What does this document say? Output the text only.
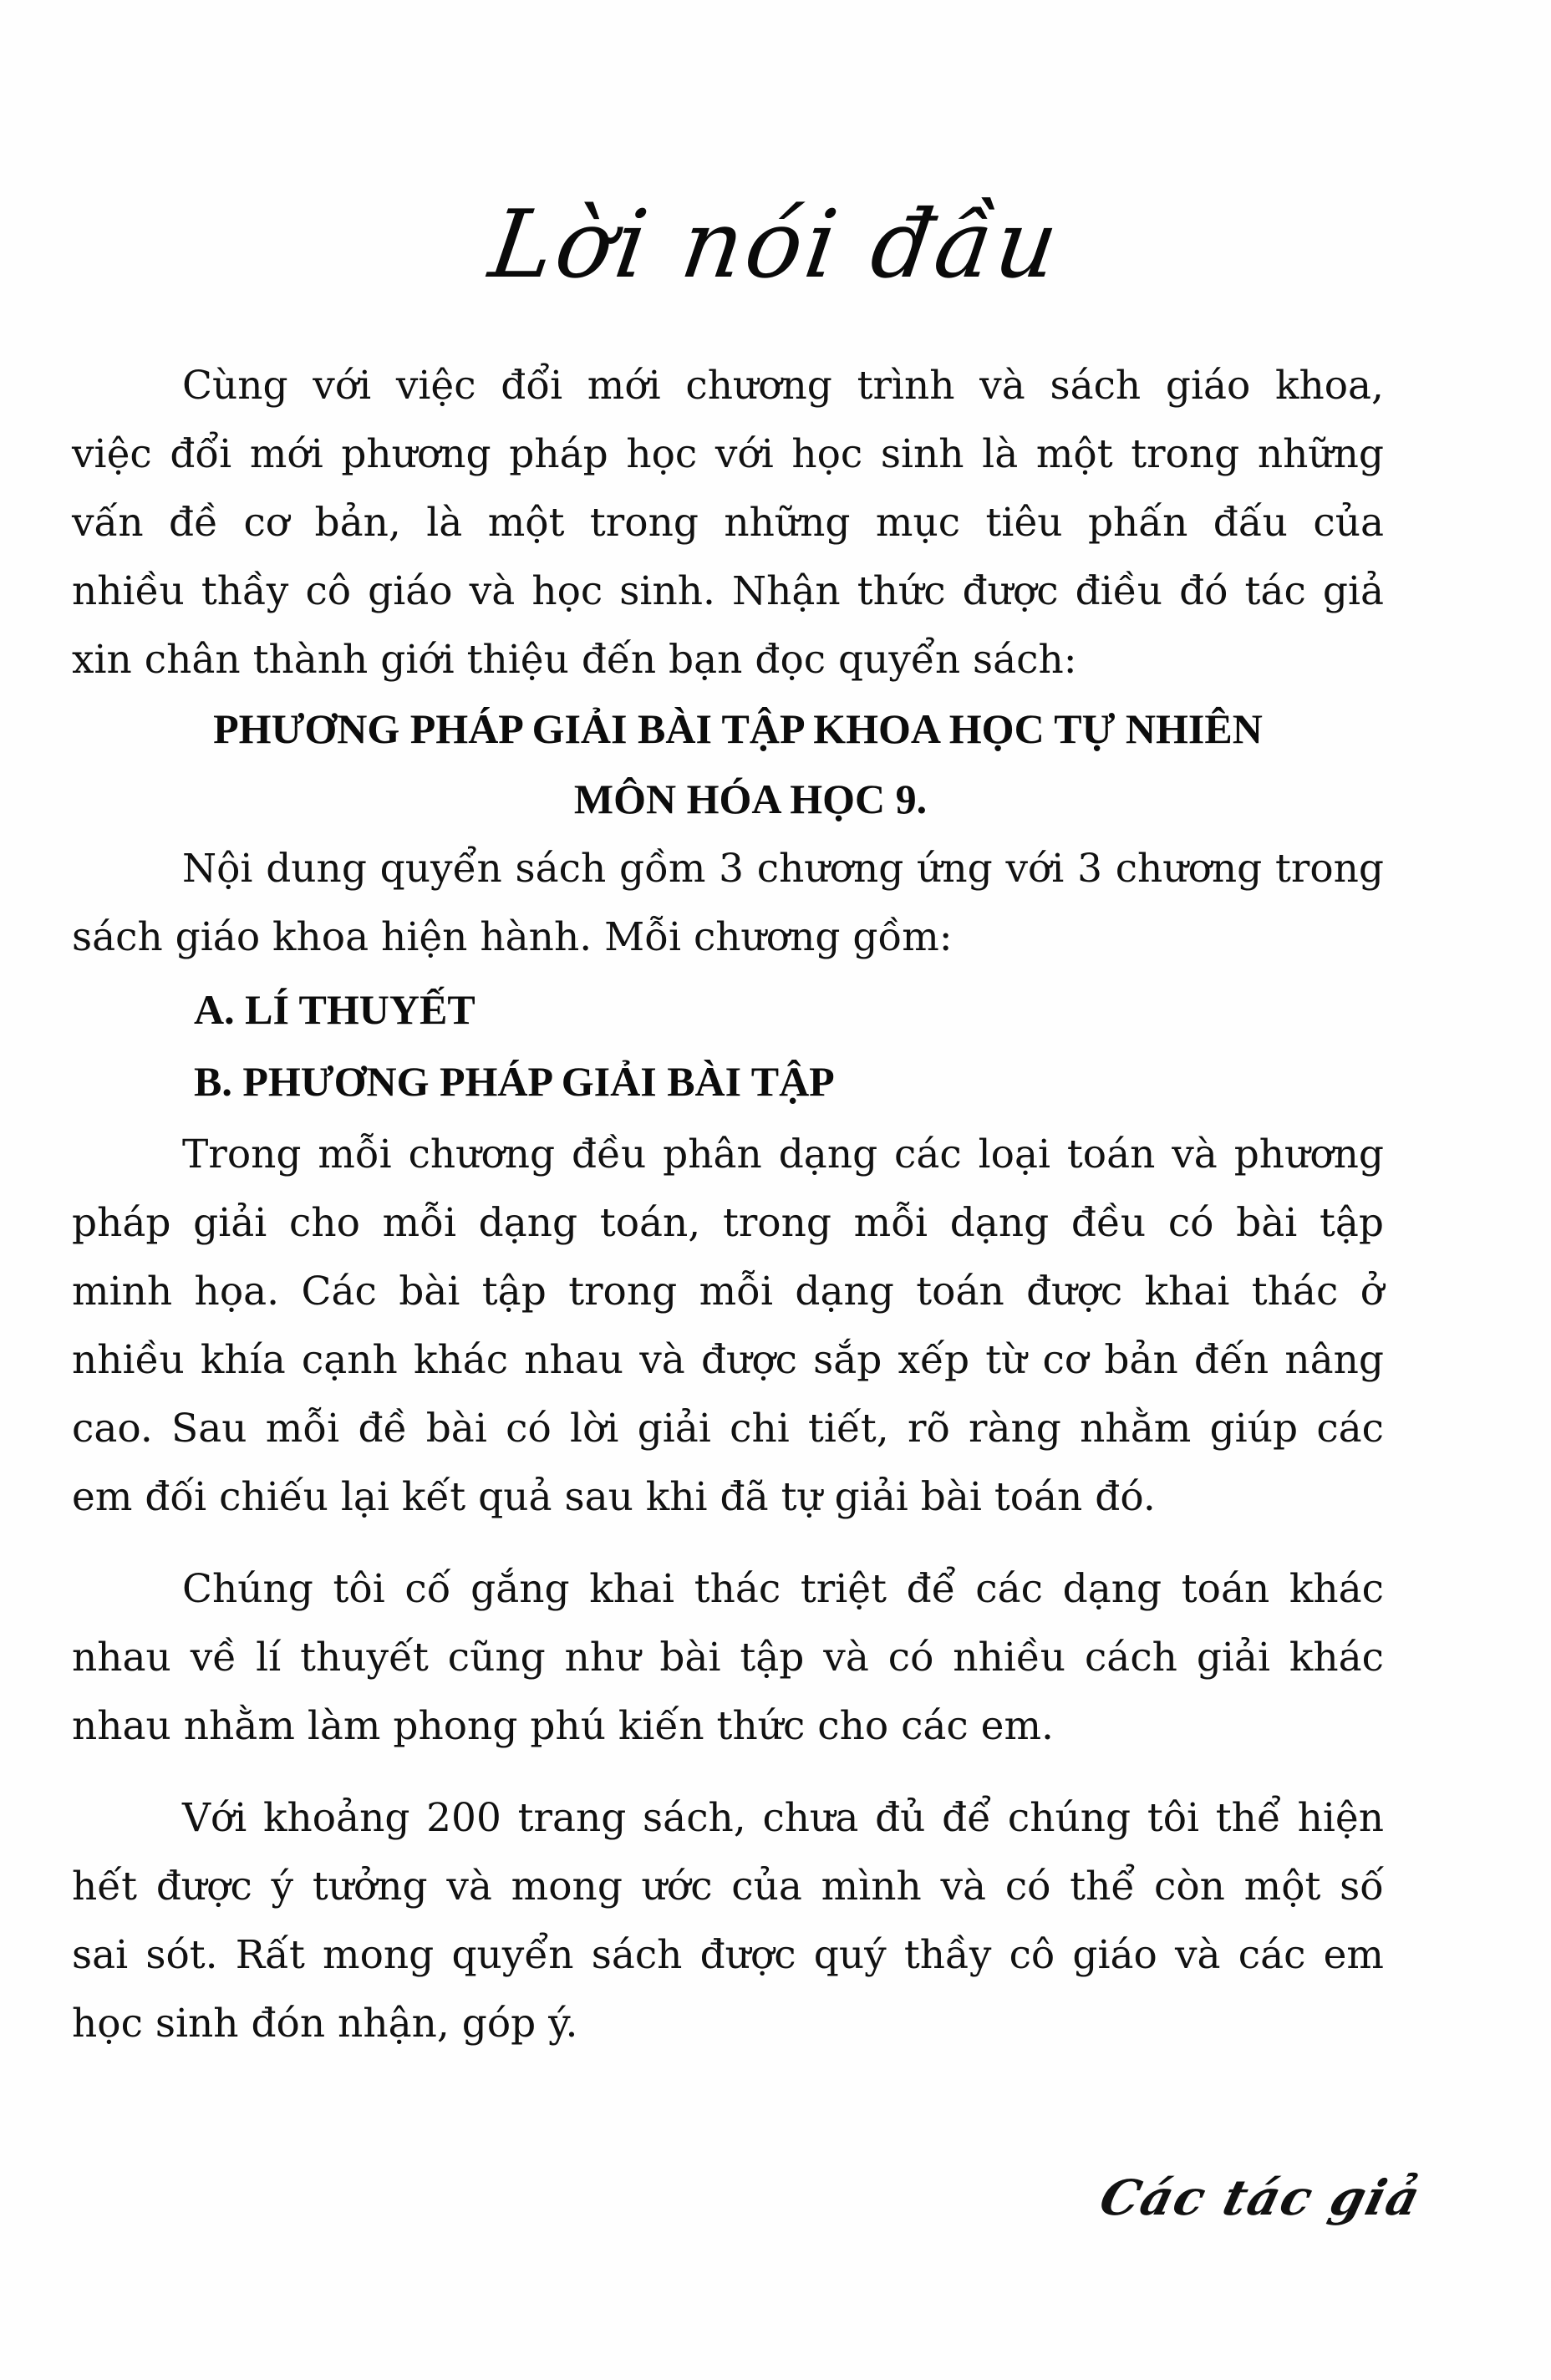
Lời nói đầu
Cùng với việc đổi mới chương trình và sách giáo khoa,
việc đổi mới phương pháp học với học sinh là một trong những
vấn đề cơ bản, là một trong những mục tiêu phấn đấu của
nhiều thầy cô giáo và học sinh. Nhận thức được điều đó tác giả
xin chân thành giới thiệu đến bạn đọc quyển sách:
PHƯƠNG PHÁP GIẢI BÀI TẬP KHOA HỌC TỰ NHIÊN
MÔN HÓA HỌC 9.
Nội dung quyển sách gồm 3 chương ứng với 3 chương trong
sách giáo khoa hiện hành. Mỗi chương gồm:
A. LÍ THUYẾT
B. PHƯƠNG PHÁP GIẢI BÀI TẬP
Trong mỗi chương đều phân dạng các loại toán và phương
pháp giải cho mỗi dạng toán, trong mỗi dạng đều có bài tập
minh họa. Các bài tập trong mỗi dạng toán được khai thác ở
nhiều khía cạnh khác nhau và được sắp xếp từ cơ bản đến nâng
cao. Sau mỗi đề bài có lời giải chi tiết, rõ ràng nhằm giúp các
em đối chiếu lại kết quả sau khi đã tự giải bài toán đó.
Chúng tôi cố gắng khai thác triệt để các dạng toán khác
nhau về lí thuyết cũng như bài tập và có nhiều cách giải khác
nhau nhằm làm phong phú kiến thức cho các em.
Với khoảng 200 trang sách, chưa đủ để chúng tôi thể hiện
hết được ý tưởng và mong ước của mình và có thể còn một số
sai sót. Rất mong quyển sách được quý thầy cô giáo và các em
học sinh đón nhận, góp ý.
Các tác giả
